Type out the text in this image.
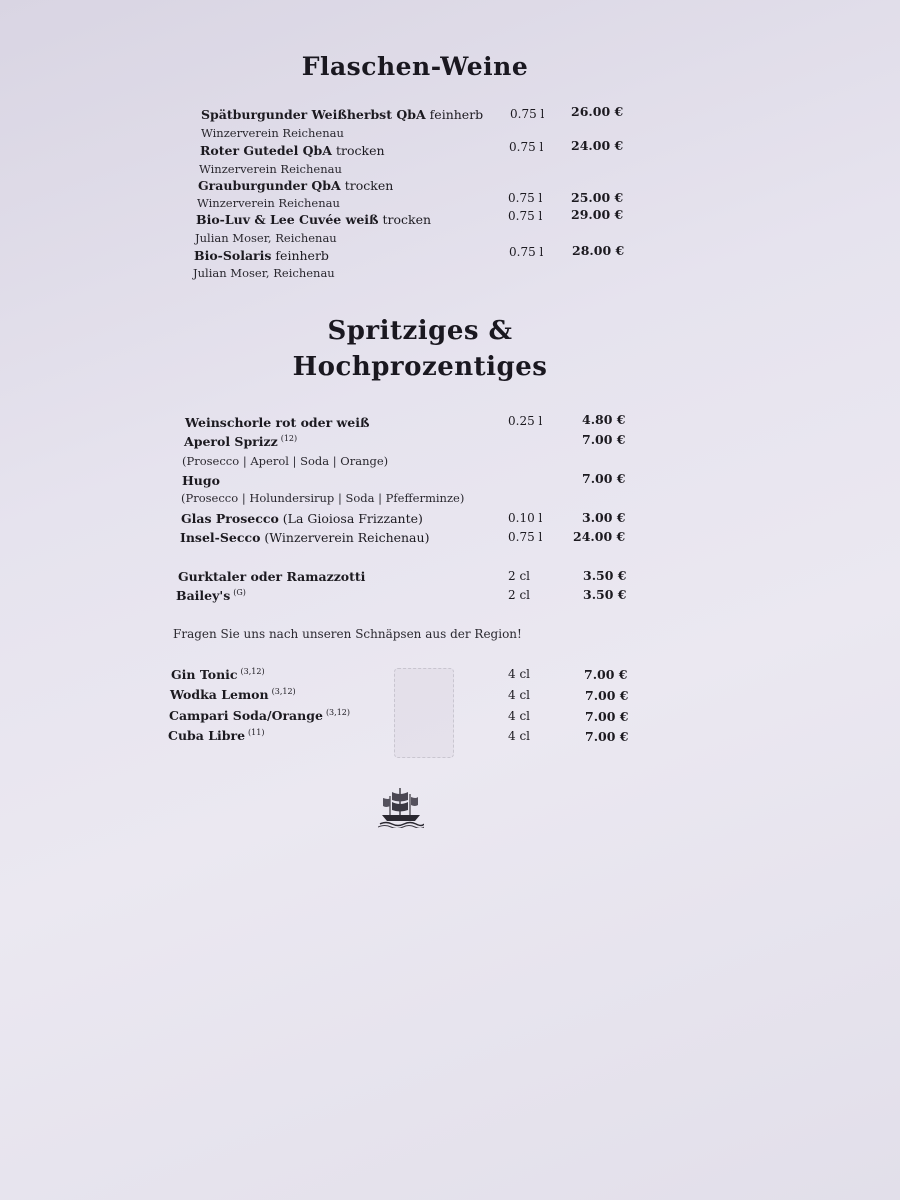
Flaschen-Weine
Spätburgunder Weißherbst QbA feinherb
Winzerverein Reichenau
0.75 l 26.00 €
Roter Gutedel QbA trocken
Winzerverein Reichenau
0.75 l 24.00 €
Grauburgunder QbA trocken
Winzerverein Reichenau	0.75 l 25.00 €
Bio-Luv & Lee Cuvée weiß trocken
Julian Moser, Reichenau
0.75 l 29.00 €
Bio-Solaris feinherb
Julian Moser, Reichenau
0.75 l 28.00 €
Spritziges &
Hochprozentiges
Weinschorle rot oder weiß	0.25 l	4.80 €
Aperol Sprizz $^{(12)}$
(Prosecco | Aperol | Soda | Orange)
7.00 €
Hugo
(Prosecco | Holundersirup | Soda | Pfefferminze)
7.00 €
Glas Prosecco (La Gioiosa Frizzante)	0.10 l	3.00 €
Insel-Secco (Winzerverein Reichenau)	0.75 l 24.00 €
Gurktaler oder Ramazzotti	2 cl	3.50 €
Bailey's $^{(G)}$	2 cl	3.50 €
Fragen Sie uns nach unseren Schnäpsen aus der Region!
Gin Tonic $^{(3,12)}$	4 cl	7.00 €
Wodka Lemon $^{(3,12)}$	4 cl	7.00 €
Campari Soda/Orange $^{(3,12)}$	4 cl	7.00 €
Cuba Libre $^{(11)}$	4 cl	7.00 €
